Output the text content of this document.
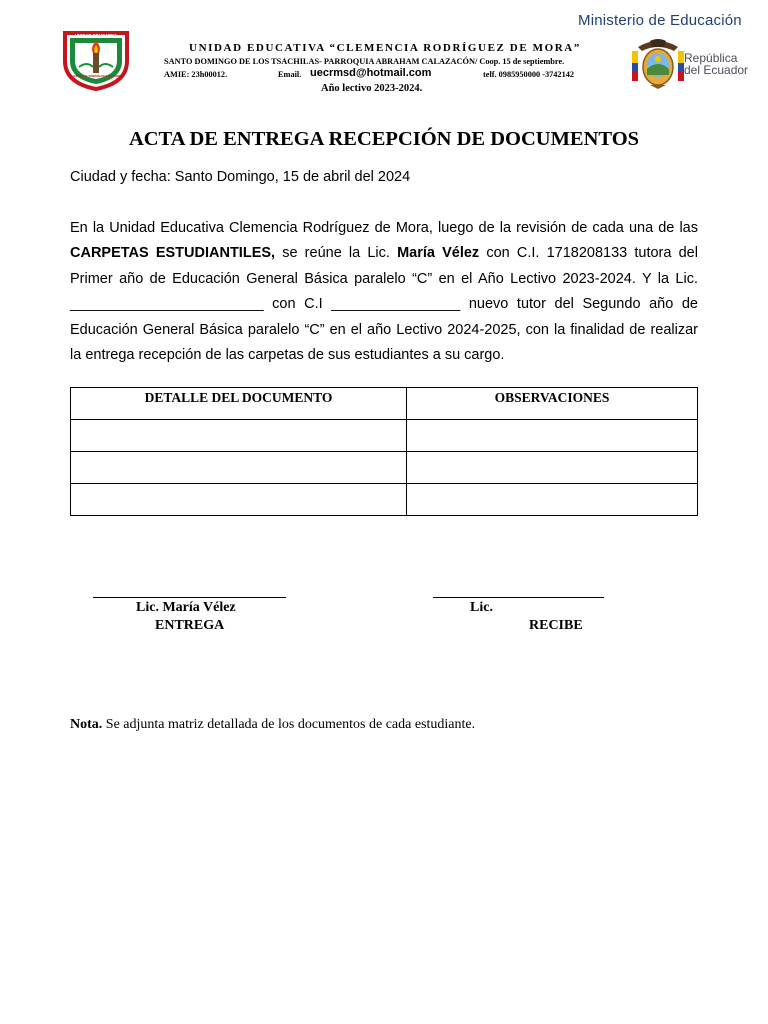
UNIDAD EDUCATIVA
CLEMENCIA RODRÍGUEZ DE MORA
Ministerio de Educación
República
del Ecuador
UNIDAD EDUCATIVA “CLEMENCIA RODRÍGUEZ DE MORA”
SANTO DOMINGO DE LOS TSACHILAS- PARROQUIA ABRAHAM CALAZACÓN/ Coop. 15 de septiembre.
AMIE: 23h00012.	Email. uecrmsd@hotmail.com	telf. 0985950000 -3742142
Año lectivo 2023-2024.
ACTA DE ENTREGA RECEPCIÓN DE DOCUMENTOS
Ciudad y fecha: Santo Domingo, 15 de abril del 2024
En la Unidad Educativa Clemencia Rodríguez de Mora, luego de la revisión de cada una de las CARPETAS ESTUDIANTILES, se reúne la Lic. María Vélez con C.I. 1718208133 tutora del Primer año de Educación General Básica paralelo “C” en el Año Lectivo 2023-2024. Y la Lic. ________________________ con C.I ________________ nuevo tutor del Segundo año de Educación General Básica paralelo “C” en el año Lectivo 2024-2025, con la finalidad de realizar la entrega recepción de las carpetas de sus estudiantes a su cargo.
DETALLE DEL DOCUMENTO	OBSERVACIONES

Lic. María Vélez
ENTREGA
Lic.
RECIBE
Nota. Se adjunta matriz detallada de los documentos de cada estudiante.
